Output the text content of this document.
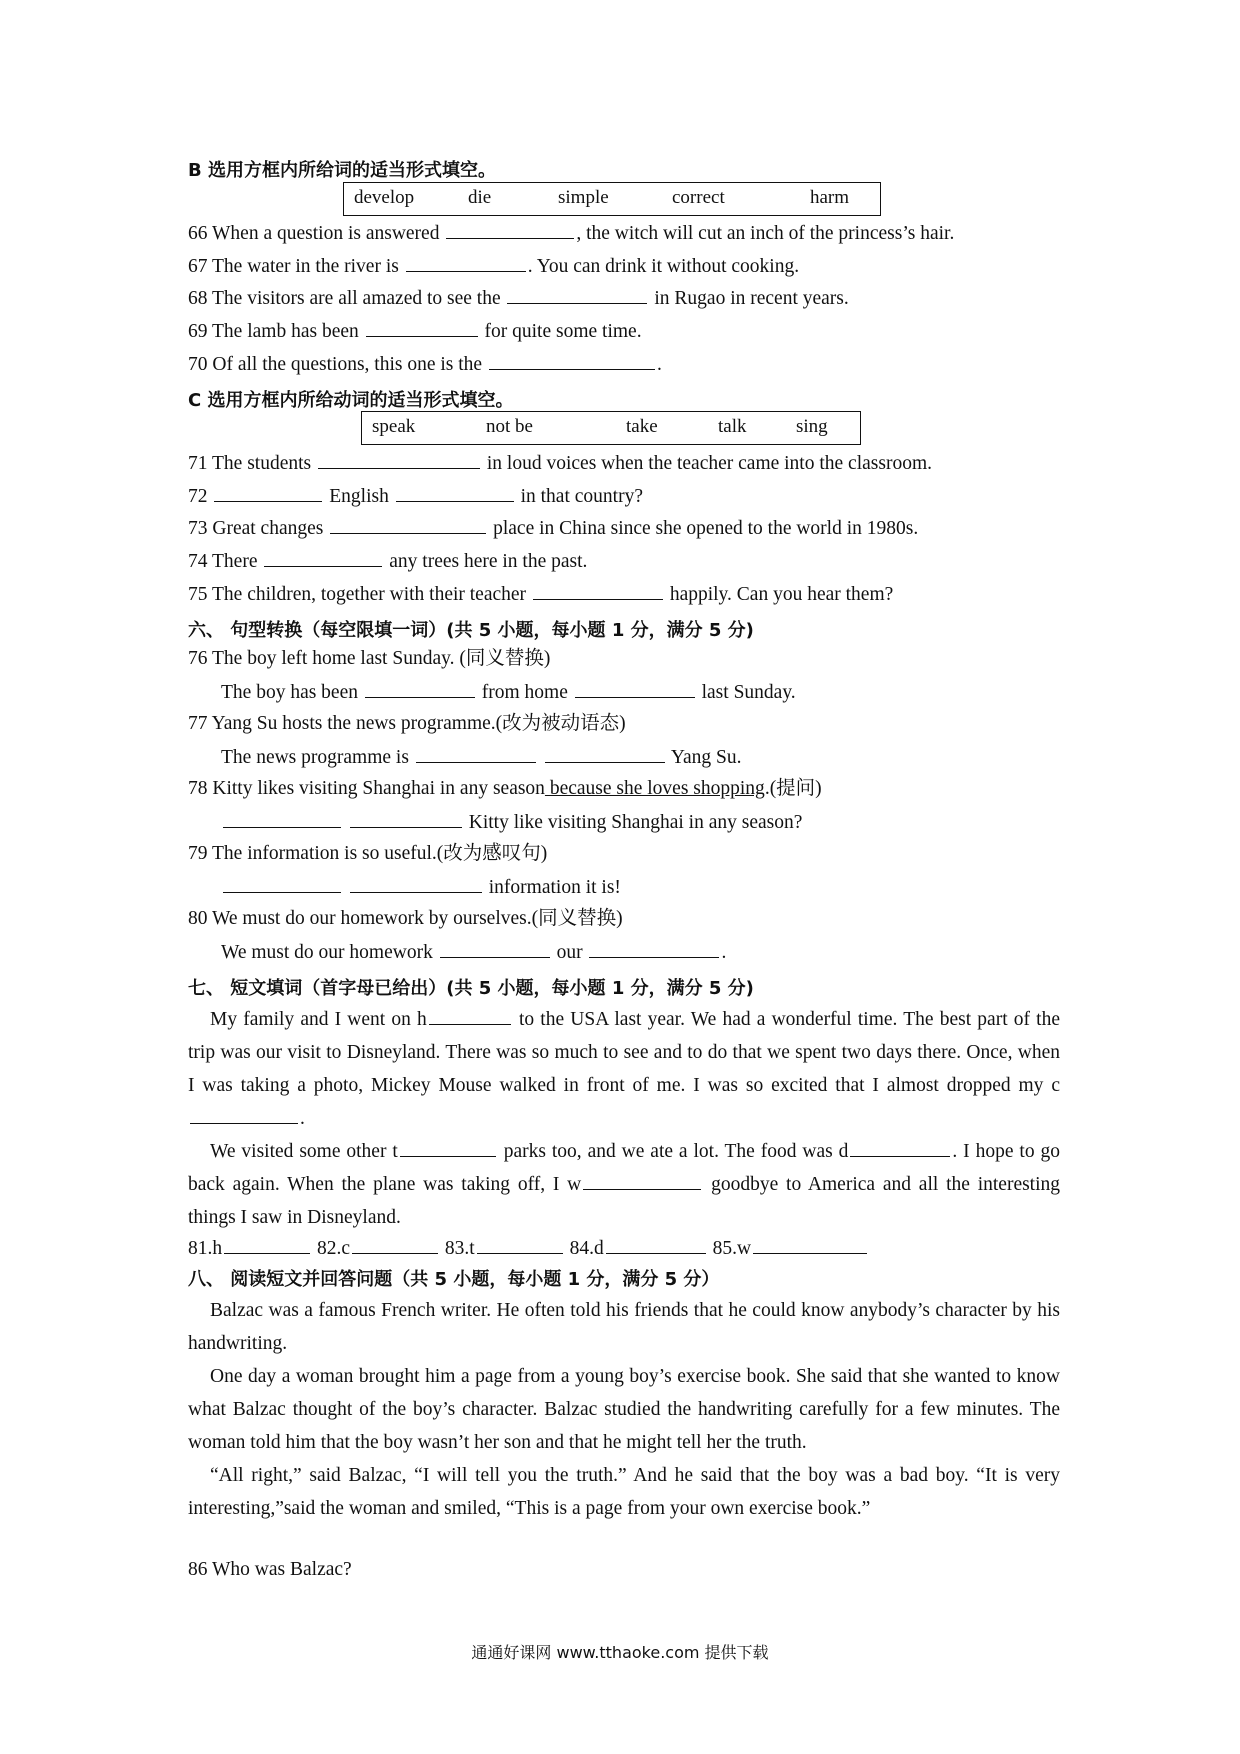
B 选用方框内所给词的适当形式填空。
develop	die	simple	correct	harm
66 When a question is answered	, the witch will cut an inch of the princess’s hair.
67 The water in the river is	. You can drink it without cooking.
68 The visitors are all amazed to see the	in Rugao in recent years.
69 The lamb has been	for quite some time.
70 Of all the questions, this one is the	.
C 选用方框内所给动词的适当形式填空。
speak	not be	take	talk	sing
71 The students	in loud voices when the teacher came into the classroom.
72	English	in that country?
73 Great changes	place in China since she opened to the world in 1980s.
74 There	any trees here in the past.
75 The children, together with their teacher	happily. Can you hear them?
六、 句型转换（每空限填一词）(共 5 小题，每小题 1 分，满分 5 分)
76 The boy left home last Sunday. (同义替换)
The boy has been	from home	last Sunday.
77 Yang Su hosts the news programme.(改为被动语态)
The news programme is	Yang Su.
78 Kitty likes visiting Shanghai in any season because she loves shopping.(提问)
Kitty like visiting Shanghai in any season?
79 The information is so useful.(改为感叹句)
information it is!
80 We must do our homework by ourselves.(同义替换)
We must do our homework	our	.
七、 短文填词（首字母已给出）(共 5 小题，每小题 1 分，满分 5 分)

My family and I went on h	to the USA last year. We had a wonderful time. The best part of the trip was our visit to Disneyland. There was so much to see and to do that we spent two days there. Once, when I was taking a photo, Mickey Mouse walked in front of me. I was so excited that I almost dropped my c.

We visited some other t	parks too, and we ate a lot. The food was d	. I hope to go back again. When the plane was taking off, I w	goodbye to America and all the interesting things I saw in Disneyland.

81.h	82.c	83.t	84.d	85.w
八、 阅读短文并回答问题（共 5 小题，每小题 1 分，满分 5 分）

Balzac was a famous French writer. He often told his friends that he could know anybody’s character by his handwriting.

One day a woman brought him a page from a young boy’s exercise book. She said that she wanted to know what Balzac thought of the boy’s character. Balzac studied the handwriting carefully for a few minutes. The woman told him that the boy wasn’t her son and that he might tell her the truth.

“All right,” said Balzac, “I will tell you the truth.” And he said that the boy was a bad boy. “It is very interesting,”said the woman and smiled, “This is a page from your own exercise book.”

86 Who was Balzac?
通通好课网 www.tthaoke.com 提供下载
